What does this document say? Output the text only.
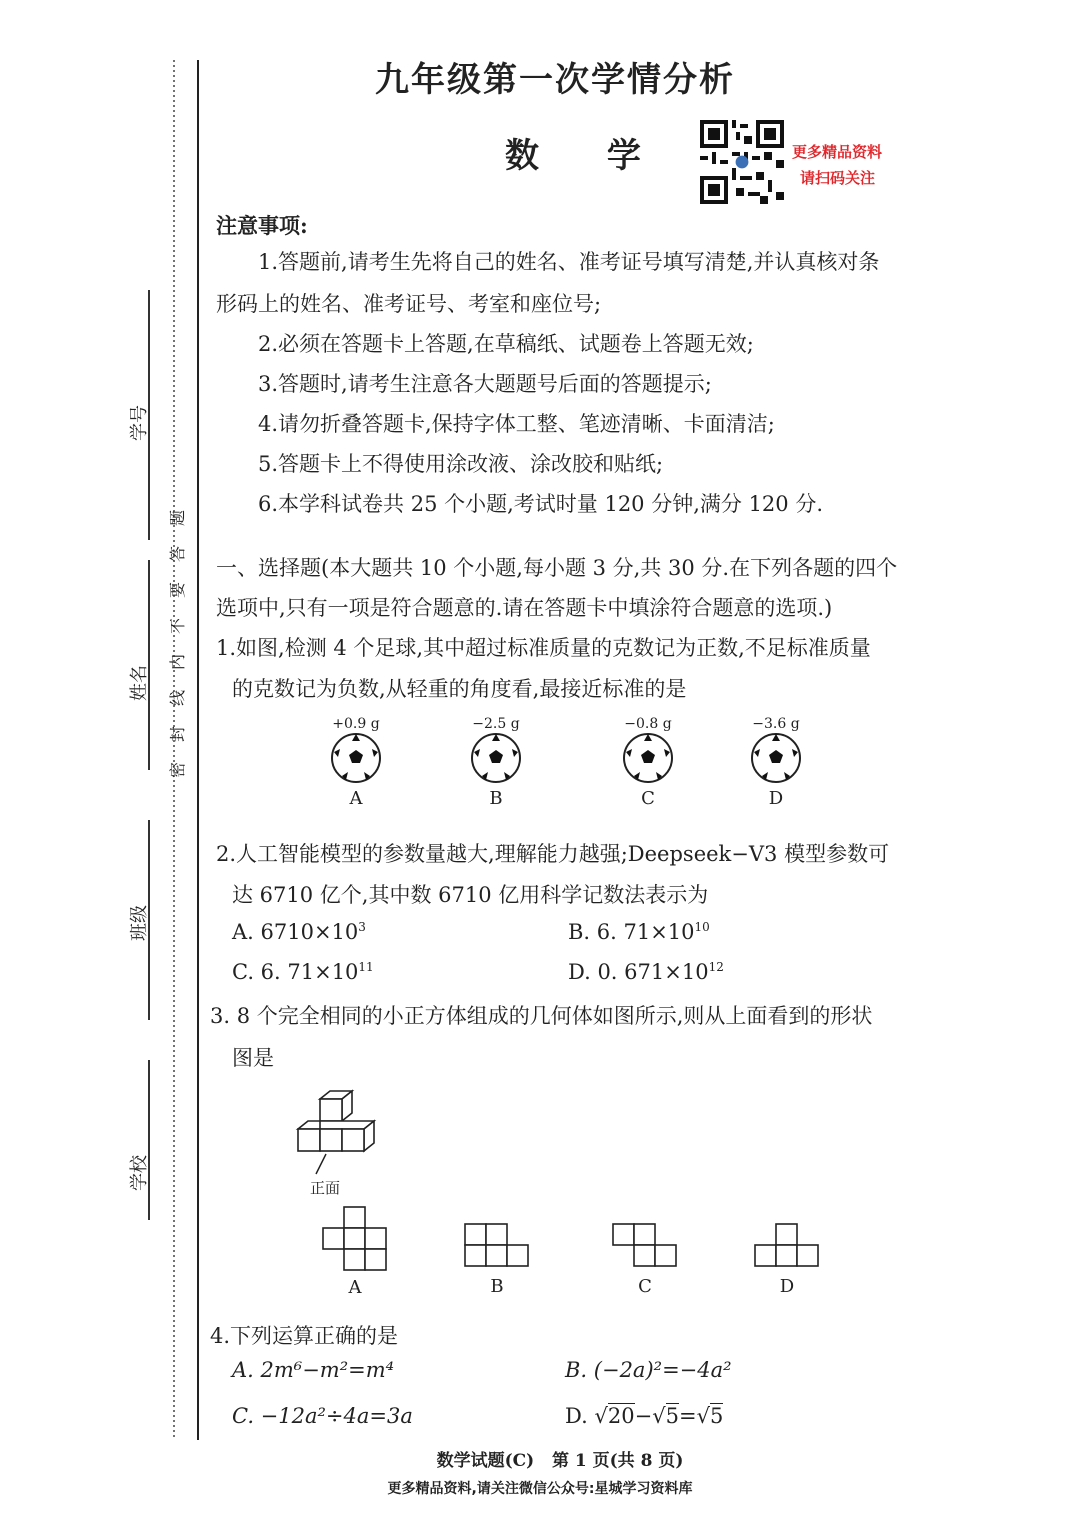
学号
姓名
班级
学校
题
答
要
不
内
线
封
密
九年级第一次学情分析
数 学	更多精品资料
请扫码关注
注意事项:
1.答题前,请考生先将自己的姓名、准考证号填写清楚,并认真核对条
形码上的姓名、准考证号、考室和座位号;
2.必须在答题卡上答题,在草稿纸、试题卷上答题无效;
3.答题时,请考生注意各大题题号后面的答题提示;
4.请勿折叠答题卡,保持字体工整、笔迹清晰、卡面清洁;
5.答题卡上不得使用涂改液、涂改胶和贴纸;
6.本学科试卷共 25 个小题,考试时量 120 分钟,满分 120 分.
一、选择题(本大题共 10 个小题,每小题 3 分,共 30 分.在下列各题的四个
选项中,只有一项是符合题意的.请在答题卡中填涂符合题意的选项.)
1.如图,检测 4 个足球,其中超过标准质量的克数记为正数,不足标准质量
的克数记为负数,从轻重的角度看,最接近标准的是
+0.9 g
A
−2.5 g
B
−0.8 g
C
−3.6 g
D
2.人工智能模型的参数量越大,理解能力越强;Deepseek−V3 模型参数可
达 6710 亿个,其中数 6710 亿用科学记数法表示为
A. $6710\times 10^3$	B. 6. $71\times 10^{10}$
C. 6. $71\times 10^{11}$	D. 0. $671\times 10^{12}$
3. 8 个完全相同的小正方体组成的几何体如图所示,则从上面看到的形状
图是
正面
A	B	C	D
4.下列运算正确的是
A. 2m⁶−m²=m⁴	B. (−2a)²=−4a²
C. −12a²÷4a=3a	D. √20−√5=√5
数学试题(C)   第 1 页(共 8 页)
更多精品资料,请关注微信公众号:星城学习资料库
